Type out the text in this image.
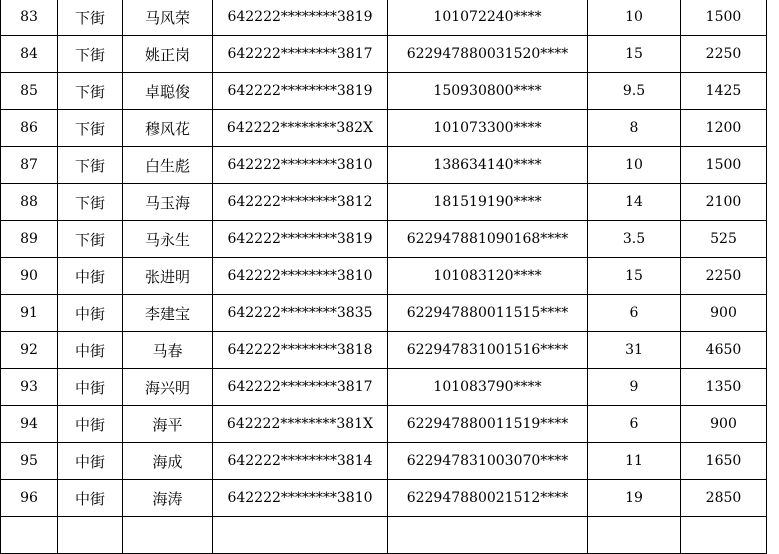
83	下街	马风荣	642222********3819	101072240****	10	1500
84	下街	姚正岗	642222********3817	622947880031520****	15	2250
85	下街	卓聪俊	642222********3819	150930800****	9.5	1425
86	下街	穆风花	642222********382X	101073300****	8	1200
87	下街	白生彪	642222********3810	138634140****	10	1500
88	下街	马玉海	642222********3812	181519190****	14	2100
89	下街	马永生	642222********3819	622947881090168****	3.5	525
90	中街	张进明	642222********3810	101083120****	15	2250
91	中街	李建宝	642222********3835	622947880011515****	6	900
92	中街	马春	642222********3818	622947831001516****	31	4650
93	中街	海兴明	642222********3817	101083790****	9	1350
94	中街	海平	642222********381X	622947880011519****	6	900
95	中街	海成	642222********3814	622947831003070****	11	1650
96	中街	海涛	642222********3810	622947880021512****	19	2850
